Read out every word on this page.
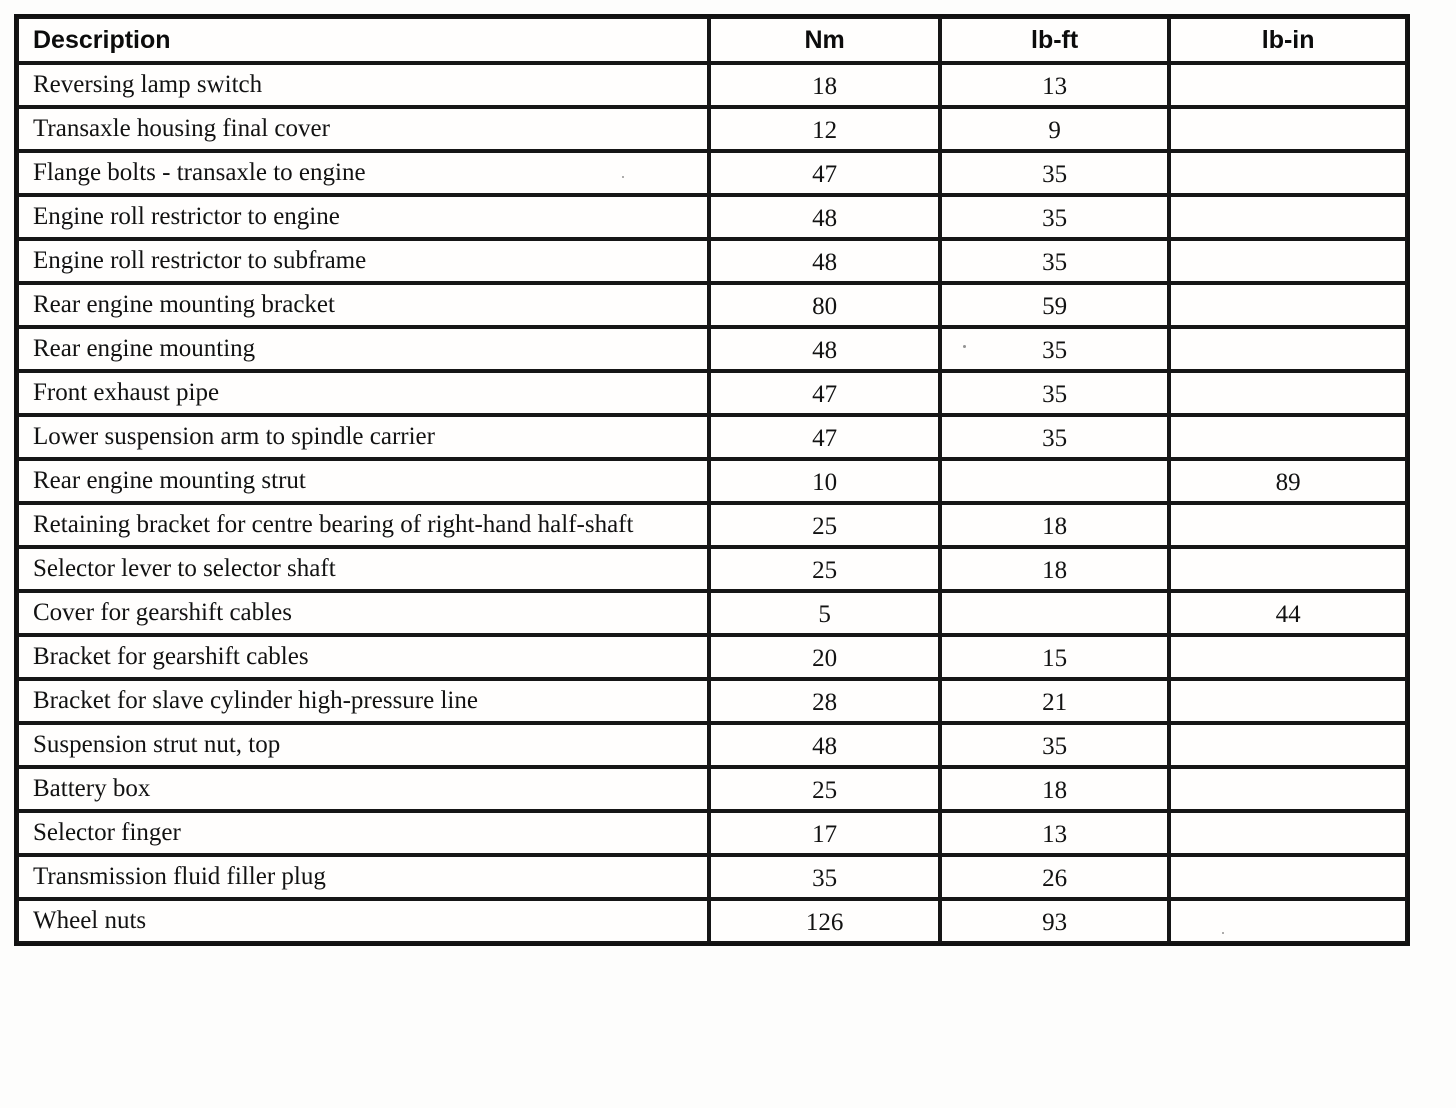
Description	Nm	lb-ft	lb-in
Reversing lamp switch	18	13	
Transaxle housing final cover	12	9	
Flange bolts - transaxle to engine	47	35	
Engine roll restrictor to engine	48	35	
Engine roll restrictor to subframe	48	35	
Rear engine mounting bracket	80	59	
Rear engine mounting	48	35	
Front exhaust pipe	47	35	
Lower suspension arm to spindle carrier	47	35	
Rear engine mounting strut	10		89
Retaining bracket for centre bearing of right-hand half-shaft	25	18	
Selector lever to selector shaft	25	18	
Cover for gearshift cables	5		44
Bracket for gearshift cables	20	15	
Bracket for slave cylinder high-pressure line	28	21	
Suspension strut nut, top	48	35	
Battery box	25	18	
Selector finger	17	13	
Transmission fluid filler plug	35	26	
Wheel nuts	126	93	
